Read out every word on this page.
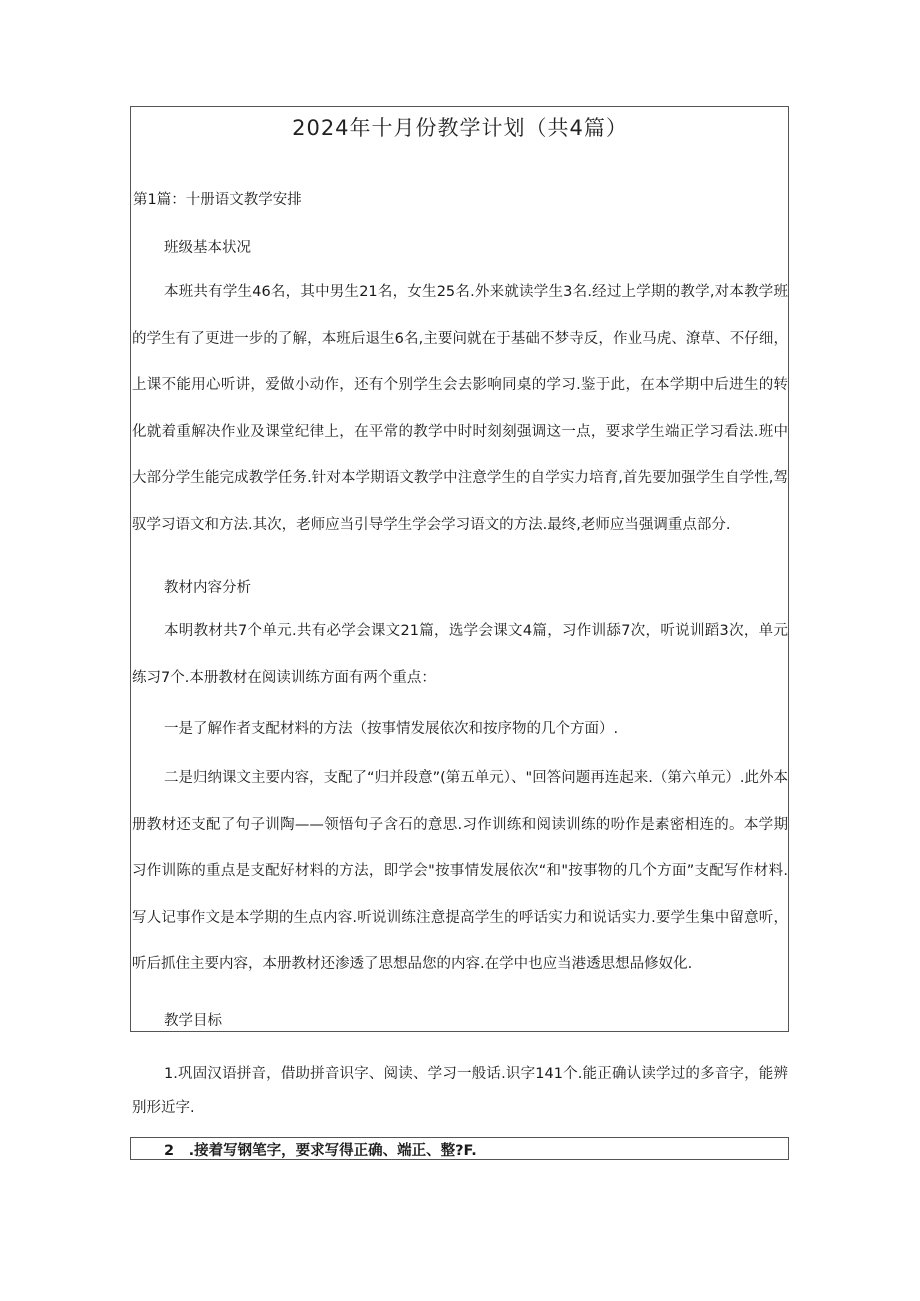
2024年十月份教学计划（共4篇）

第1篇：十册语文教学安排

班级基本状况

本班共有学生46名，其中男生21名，女生25名.外来就读学生3名.经过上学期的教学,对本教学班的学生有了更进一步的了解，本班后退生6名,主要问就在于基础不梦寺反，作业马虎、潦草、不仔细，上课不能用心听讲，爱做小动作，还有个别学生会去影响同桌的学习.鉴于此，在本学期中后进生的转化就着重解决作业及课堂纪律上，在平常的教学中时时刻刻强调这一点，要求学生端正学习看法.班中大部分学生能完成教学任务.针对本学期语文教学中注意学生的自学实力培育,首先要加强学生自学性,驾驭学习语文和方法.其次，老师应当引导学生学会学习语文的方法.最终,老师应当强调重点部分.

教材内容分析

本明教材共7个单元.共有必学会课文21篇，选学会课文4篇，习作训舔7次，听说训蹈3次，单元练习7个.本册教材在阅读训练方面有两个重点：

一是了解作者支配材料的方法（按事情发展依次和按序物的几个方面）.

二是归纳课文主要内容，支配了“归并段意”(第五单元）、"回答问题再连起来.（第六单元）.此外本册教材还支配了句子训陶——领悟句子含石的意思.习作训练和阅读训练的吩作是素密相连的。本学期习作训陈的重点是支配好材料的方法，即学会"按事情发展依次“和"按事物的几个方面”支配写作材料.写人记事作文是本学期的生点内容.听说训练注意提高学生的呼话实力和说话实力.要学生集中留意听，听后抓住主要内容，本册教材还渗透了思想品您的内容.在学中也应当港透思想品修奴化.

教学目标

1.巩固汉语拼音，借助拼音识字、阅读、学习一般话.识字141个.能正确认读学过的多音字，能辨别形近字.

2　.接着写钢笔字，要求写得正确、端正、整?F.
